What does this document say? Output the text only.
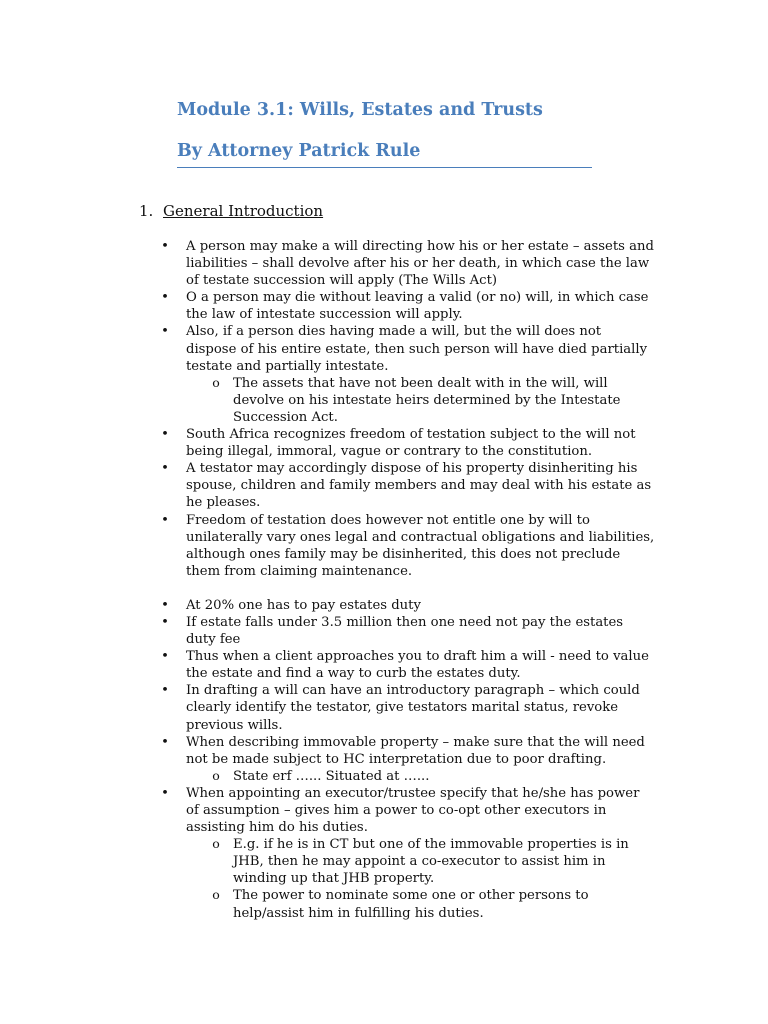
Module 3.1: Wills, Estates and Trusts
By Attorney Patrick Rule
1. General Introduction
• A person may make a will directing how his or her estate – assets and liabilities – shall devolve after his or her death, in which case the law of testate succession will apply (The Wills Act)
• O a person may die without leaving a valid (or no) will, in which case the law of intestate succession will apply.
• Also, if a person dies having made a will, but the will does not dispose of his entire estate, then such person will have died partially testate and partially intestate.
o The assets that have not been dealt with in the will, will devolve on his intestate heirs determined by the Intestate Succession Act.
• South Africa recognizes freedom of testation subject to the will not being illegal, immoral, vague or contrary to the constitution.
• A testator may accordingly dispose of his property disinheriting his spouse, children and family members and may deal with his estate as he pleases.
• Freedom of testation does however not entitle one by will to unilaterally vary ones legal and contractual obligations and liabilities, although ones family may be disinherited, this does not preclude them from claiming maintenance.
• At 20% one has to pay estates duty
• If estate falls under 3.5 million then one need not pay the estates duty fee
• Thus when a client approaches you to draft him a will - need to value the estate and find a way to curb the estates duty.
• In drafting a will can have an introductory paragraph – which could clearly identify the testator, give testators marital status, revoke previous wills.
• When describing immovable property – make sure that the will need not be made subject to HC interpretation due to poor drafting.
o State erf …... Situated at …...
• When appointing an executor/trustee specify that he/she has power of assumption – gives him a power to co-opt other executors in assisting him do his duties.
o E.g. if he is in CT but one of the immovable properties is in JHB, then he may appoint a co-executor to assist him in winding up that JHB property.
o The power to nominate some one or other persons to help/assist him in fulfilling his duties.
